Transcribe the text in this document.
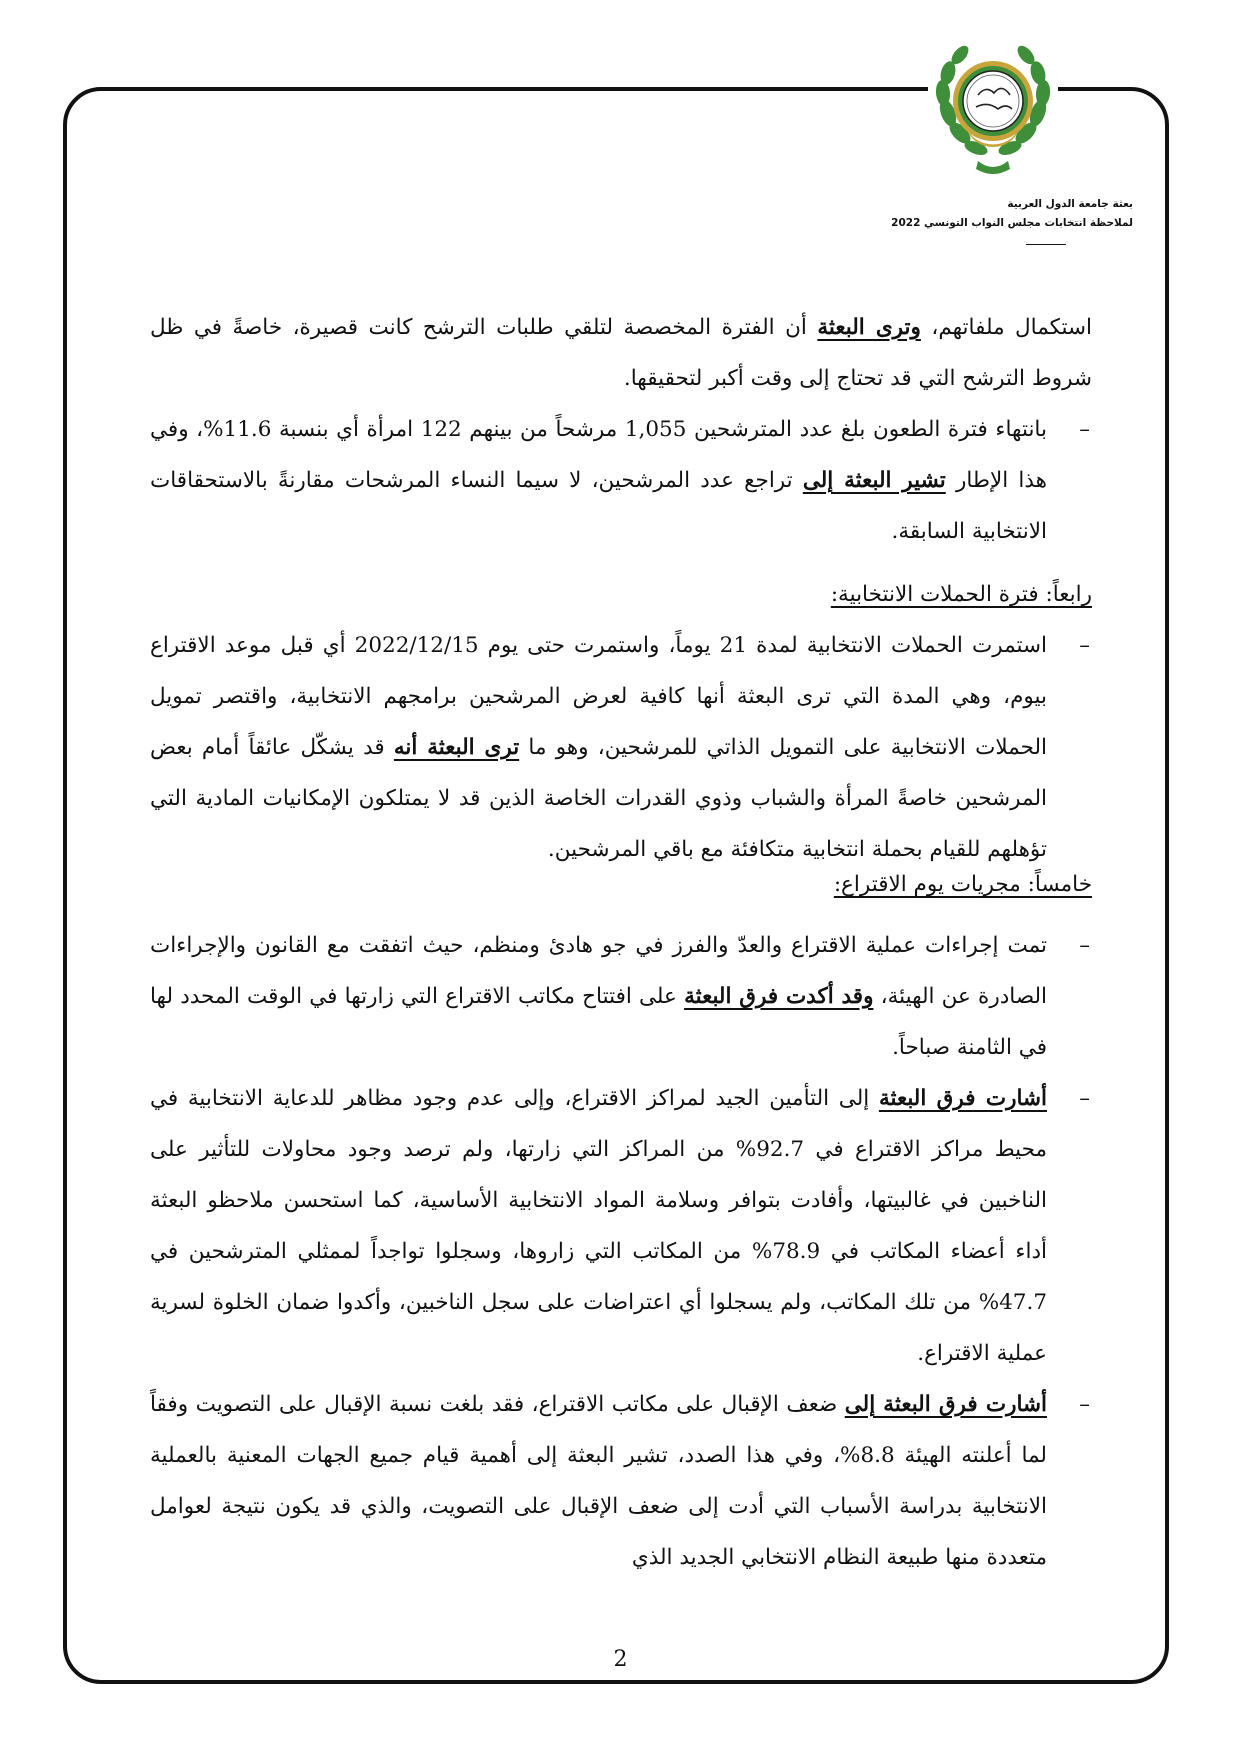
بعثة جامعة الدول العربية
لملاحظة انتخابات مجلس النواب التونسي 2022

استكمال ملفاتهم، وترى البعثة أن الفترة المخصصة لتلقي طلبات الترشح كانت قصيرة، خاصةً في ظل شروط الترشح التي قد تحتاج إلى وقت أكبر لتحقيقها.

–
بانتهاء فترة الطعون بلغ عدد المترشحين 1,055 مرشحاً من بينهم 122 امرأة أي بنسبة 11.6%، وفي هذا الإطار تشير البعثة إلى تراجع عدد المرشحين، لا سيما النساء المرشحات مقارنةً بالاستحقاقات الانتخابية السابقة.

رابعاً: فترة الحملات الانتخابية:

–
استمرت الحملات الانتخابية لمدة 21 يوماً، واستمرت حتى يوم 2022/12/15 أي قبل موعد الاقتراع بيوم، وهي المدة التي ترى البعثة أنها كافية لعرض المرشحين برامجهم الانتخابية، واقتصر تمويل الحملات الانتخابية على التمويل الذاتي للمرشحين، وهو ما ترى البعثة أنه قد يشكّل عائقاً أمام بعض المرشحين خاصةً المرأة والشباب وذوي القدرات الخاصة الذين قد لا يمتلكون الإمكانيات المادية التي تؤهلهم للقيام بحملة انتخابية متكافئة مع باقي المرشحين.

خامساً: مجريات يوم الاقتراع:

–
تمت إجراءات عملية الاقتراع والعدّ والفرز في جو هادئ ومنظم، حيث اتفقت مع القانون والإجراءات الصادرة عن الهيئة، وقد أكدت فرق البعثة على افتتاح مكاتب الاقتراع التي زارتها في الوقت المحدد لها في الثامنة صباحاً.

–
أشارت فرق البعثة إلى التأمين الجيد لمراكز الاقتراع، وإلى عدم وجود مظاهر للدعاية الانتخابية في محيط مراكز الاقتراع في 92.7% من المراكز التي زارتها، ولم ترصد وجود محاولات للتأثير على الناخبين في غالبيتها، وأفادت بتوافر وسلامة المواد الانتخابية الأساسية، كما استحسن ملاحظو البعثة أداء أعضاء المكاتب في 78.9% من المكاتب التي زاروها، وسجلوا تواجداً لممثلي المترشحين في 47.7% من تلك المكاتب، ولم يسجلوا أي اعتراضات على سجل الناخبين، وأكدوا ضمان الخلوة لسرية عملية الاقتراع.

–
أشارت فرق البعثة إلى ضعف الإقبال على مكاتب الاقتراع، فقد بلغت نسبة الإقبال على التصويت وفقاً لما أعلنته الهيئة 8.8%، وفي هذا الصدد، تشير البعثة إلى أهمية قيام جميع الجهات المعنية بالعملية الانتخابية بدراسة الأسباب التي أدت إلى ضعف الإقبال على التصويت، والذي قد يكون نتيجة لعوامل متعددة منها طبيعة النظام الانتخابي الجديد الذي

2
